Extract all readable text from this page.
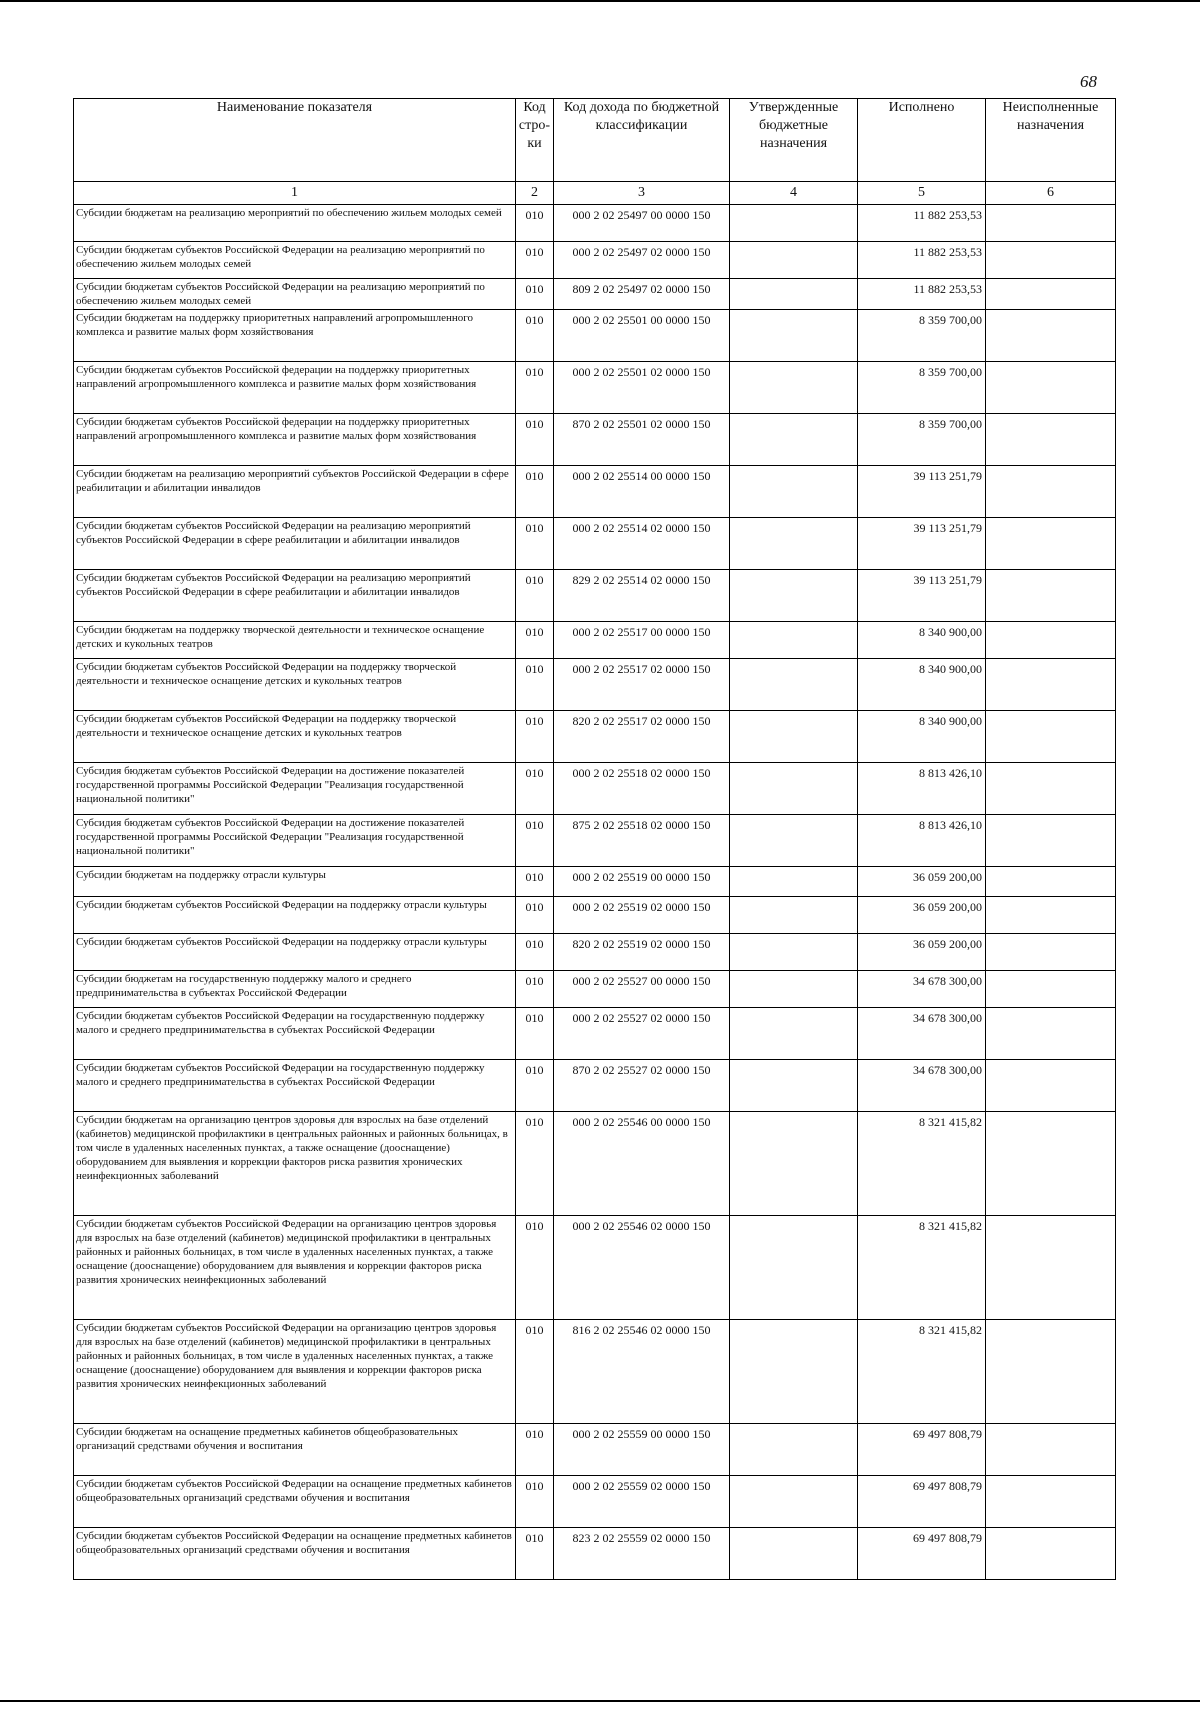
68
Наименование показателя	Код стро-ки	Код дохода по бюджетной классификации	Утвержденные бюджетные назначения	Исполнено	Неисполненные назначения
1	2	3	4	5	6
Субсидии бюджетам на реализацию мероприятий по обеспечению жильем молодых семей	010	000 2 02 25497 00 0000 150		11 882 253,53	
Субсидии бюджетам субъектов Российской Федерации на реализацию мероприятий по обеспечению жильем молодых семей	010	000 2 02 25497 02 0000 150		11 882 253,53	
Субсидии бюджетам субъектов Российской Федерации на реализацию мероприятий по обеспечению жильем молодых семей	010	809 2 02 25497 02 0000 150		11 882 253,53	
Субсидии бюджетам на поддержку приоритетных направлений агропромышленного комплекса и развитие малых форм хозяйствования	010	000 2 02 25501 00 0000 150		8 359 700,00	
Субсидии бюджетам субъектов Российской федерации на поддержку приоритетных направлений агропромышленного комплекса и развитие малых форм хозяйствования	010	000 2 02 25501 02 0000 150		8 359 700,00	
Субсидии бюджетам субъектов Российской федерации на поддержку приоритетных направлений агропромышленного комплекса и развитие малых форм хозяйствования	010	870 2 02 25501 02 0000 150		8 359 700,00	
Субсидии бюджетам на реализацию мероприятий субъектов Российской Федерации в сфере реабилитации и абилитации инвалидов	010	000 2 02 25514 00 0000 150		39 113 251,79	
Субсидии бюджетам субъектов Российской Федерации на реализацию мероприятий субъектов Российской Федерации в сфере реабилитации и абилитации инвалидов	010	000 2 02 25514 02 0000 150		39 113 251,79	
Субсидии бюджетам субъектов Российской Федерации на реализацию мероприятий субъектов Российской Федерации в сфере реабилитации и абилитации инвалидов	010	829 2 02 25514 02 0000 150		39 113 251,79	
Субсидии бюджетам на поддержку творческой деятельности и техническое оснащение детских и кукольных театров	010	000 2 02 25517 00 0000 150		8 340 900,00	
Субсидии бюджетам субъектов Российской Федерации на поддержку творческой деятельности и техническое оснащение детских и кукольных театров	010	000 2 02 25517 02 0000 150		8 340 900,00	
Субсидии бюджетам субъектов Российской Федерации на поддержку творческой деятельности и техническое оснащение детских и кукольных театров	010	820 2 02 25517 02 0000 150		8 340 900,00	
Субсидия бюджетам субъектов Российской Федерации на достижение показателей государственной программы Российской Федерации "Реализация государственной национальной политики"	010	000 2 02 25518 02 0000 150		8 813 426,10	
Субсидия бюджетам субъектов Российской Федерации на достижение показателей государственной программы Российской Федерации "Реализация государственной национальной политики"	010	875 2 02 25518 02 0000 150		8 813 426,10	
Субсидии бюджетам на поддержку отрасли культуры	010	000 2 02 25519 00 0000 150		36 059 200,00	
Субсидии бюджетам субъектов Российской Федерации на поддержку отрасли культуры	010	000 2 02 25519 02 0000 150		36 059 200,00	
Субсидии бюджетам субъектов Российской Федерации на поддержку отрасли культуры	010	820 2 02 25519 02 0000 150		36 059 200,00	
Субсидии бюджетам на государственную поддержку малого и среднего предпринимательства в субъектах Российской Федерации	010	000 2 02 25527 00 0000 150		34 678 300,00	
Субсидии бюджетам субъектов Российской Федерации на государственную поддержку малого и среднего предпринимательства в субъектах Российской Федерации	010	000 2 02 25527 02 0000 150		34 678 300,00	
Субсидии бюджетам субъектов Российской Федерации на государственную поддержку малого и среднего предпринимательства в субъектах Российской Федерации	010	870 2 02 25527 02 0000 150		34 678 300,00	
Субсидии бюджетам на организацию центров здоровья для взрослых на базе отделений (кабинетов) медицинской профилактики в центральных районных и районных больницах, в том числе в удаленных населенных пунктах, а также оснащение (дооснащение) оборудованием для выявления и коррекции факторов риска развития хронических неинфекционных заболеваний	010	000 2 02 25546 00 0000 150		8 321 415,82	
Субсидии бюджетам субъектов Российской Федерации на организацию центров здоровья для взрослых на базе отделений (кабинетов) медицинской профилактики в центральных районных и районных больницах, в том числе в удаленных населенных пунктах, а также оснащение (дооснащение) оборудованием для выявления и коррекции факторов риска развития хронических неинфекционных заболеваний	010	000 2 02 25546 02 0000 150		8 321 415,82	
Субсидии бюджетам субъектов Российской Федерации на организацию центров здоровья для взрослых на базе отделений (кабинетов) медицинской профилактики в центральных районных и районных больницах, в том числе в удаленных населенных пунктах, а также оснащение (дооснащение) оборудованием для выявления и коррекции факторов риска развития хронических неинфекционных заболеваний	010	816 2 02 25546 02 0000 150		8 321 415,82	
Субсидии бюджетам на оснащение предметных кабинетов общеобразовательных организаций средствами обучения и воспитания	010	000 2 02 25559 00 0000 150		69 497 808,79	
Субсидии бюджетам субъектов Российской Федерации на оснащение предметных кабинетов общеобразовательных организаций средствами обучения и воспитания	010	000 2 02 25559 02 0000 150		69 497 808,79	
Субсидии бюджетам субъектов Российской Федерации на оснащение предметных кабинетов общеобразовательных организаций средствами обучения и воспитания	010	823 2 02 25559 02 0000 150		69 497 808,79	
